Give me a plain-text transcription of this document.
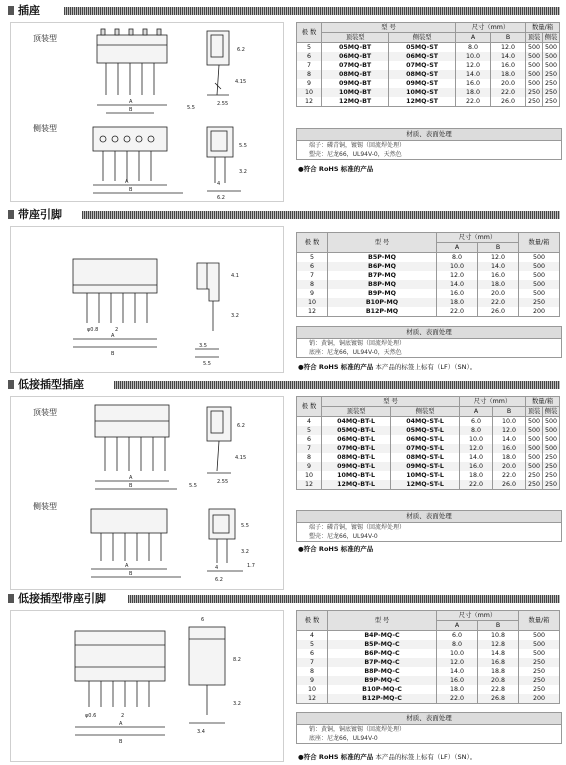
插座
顶装型
侧装型
6.2
4.15
2.55
5.5
A
B
5.5
3.2
4
6.2
A
B
极 数	型 号		尺寸（mm）		数量/箱	
	顶装型	侧装型	A	B	顶装	侧装
5	05MQ-BT	05MQ-ST	8.0	12.0	500	500
6	06MQ-BT	06MQ-ST	10.0	14.0	500	500
7	07MQ-BT	07MQ-ST	12.0	16.0	500	500
8	08MQ-BT	08MQ-ST	14.0	18.0	500	250
9	09MQ-BT	09MQ-ST	16.0	20.0	500	250
10	10MQ-BT	10MQ-ST	18.0	22.0	250	250
12	12MQ-BT	12MQ-ST	22.0	26.0	250	250
材质、表面处理
端子：磷青铜，镀锡（回流焊处理）
塑壳：尼龙66，UL94V-0，天然色
●符合 RoHS 标准的产品
带座引脚
4.1
3.2
φ0.8	2
A
B
3.5
5.5
极 数	型 号	尺寸（mm）		数量/箱
		A	B	
5	B5P-MQ	8.0	12.0	500
6	B6P-MQ	10.0	14.0	500
7	B7P-MQ	12.0	16.0	500
8	B8P-MQ	14.0	18.0	500
9	B9P-MQ	16.0	20.0	500
10	B10P-MQ	18.0	22.0	250
12	B12P-MQ	22.0	26.0	200
材质、表面处理
销：黄铜，铜底镀锡（回流焊处理）
底座：尼龙66，UL94V-0，天然色
●符合 RoHS 标准的产品 本产品的标签上标有（LF）（SN）。
低接插型插座
顶装型
侧装型
6.2
4.15
2.55
5.5
A
B
5.5
3.2
4
6.2
1.7
A
B
极 数	型 号		尺寸（mm）		数量/箱	
	顶装型	侧装型	A	B	顶装	侧装
4	04MQ-BT-L	04MQ-ST-L	6.0	10.0	500	500
5	05MQ-BT-L	05MQ-ST-L	8.0	12.0	500	500
6	06MQ-BT-L	06MQ-ST-L	10.0	14.0	500	500
7	07MQ-BT-L	07MQ-ST-L	12.0	16.0	500	500
8	08MQ-BT-L	08MQ-ST-L	14.0	18.0	500	250
9	09MQ-BT-L	09MQ-ST-L	16.0	20.0	500	250
10	10MQ-BT-L	10MQ-ST-L	18.0	22.0	250	250
12	12MQ-BT-L	12MQ-ST-L	22.0	26.0	250	250
材质、表面处理
端子：磷青铜，镀锡（回流焊处理）
塑壳：尼龙66，UL94V-0
●符合 RoHS 标准的产品
低接插型带座引脚
6
8.2
3.2
φ0.6	2
A
B
3.4
极 数	型 号	尺寸（mm）		数量/箱
		A	B	
4	B4P-MQ-C	6.0	10.8	500
5	B5P-MQ-C	8.0	12.8	500
6	B6P-MQ-C	10.0	14.8	500
7	B7P-MQ-C	12.0	16.8	250
8	B8P-MQ-C	14.0	18.8	250
9	B9P-MQ-C	16.0	20.8	250
10	B10P-MQ-C	18.0	22.8	250
12	B12P-MQ-C	22.0	26.8	200
材质、表面处理
销：黄铜，铜底镀锡（回流焊处理）
底座：尼龙66，UL94V-0
●符合 RoHS 标准的产品 本产品的标签上标有（LF）（SN）。
